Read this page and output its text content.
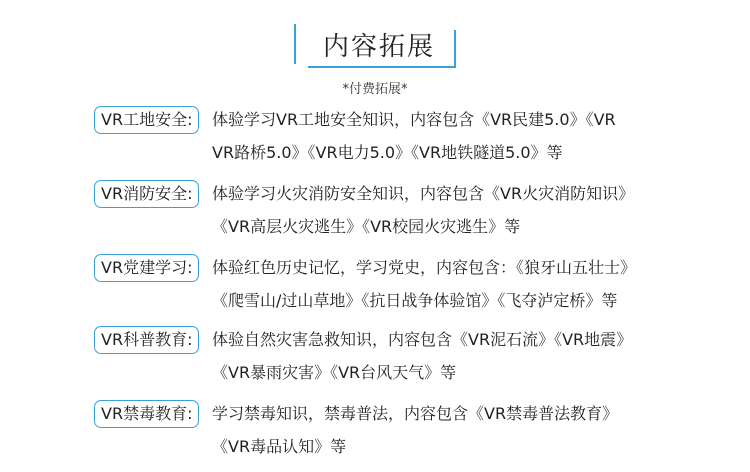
内容拓展
*付费拓展*
VR工地安全:	体验学习VR工地安全知识，内容包含《VR民建5.0》《VR
VR路桥5.0》《VR电力5.0》《VR地铁隧道5.0》等
VR消防安全:	体验学习火灾消防安全知识，内容包含《VR火灾消防知识》
《VR高层火灾逃生》《VR校园火灾逃生》等
VR党建学习:	体验红色历史记忆，学习党史，内容包含：《狼牙山五壮士》
《爬雪山/过山草地》《抗日战争体验馆》《飞夺泸定桥》等
VR科普教育:	体验自然灾害急救知识，内容包含《VR泥石流》《VR地震》
《VR暴雨灾害》《VR台风天气》等
VR禁毒教育:	学习禁毒知识，禁毒普法，内容包含《VR禁毒普法教育》
《VR毒品认知》等
